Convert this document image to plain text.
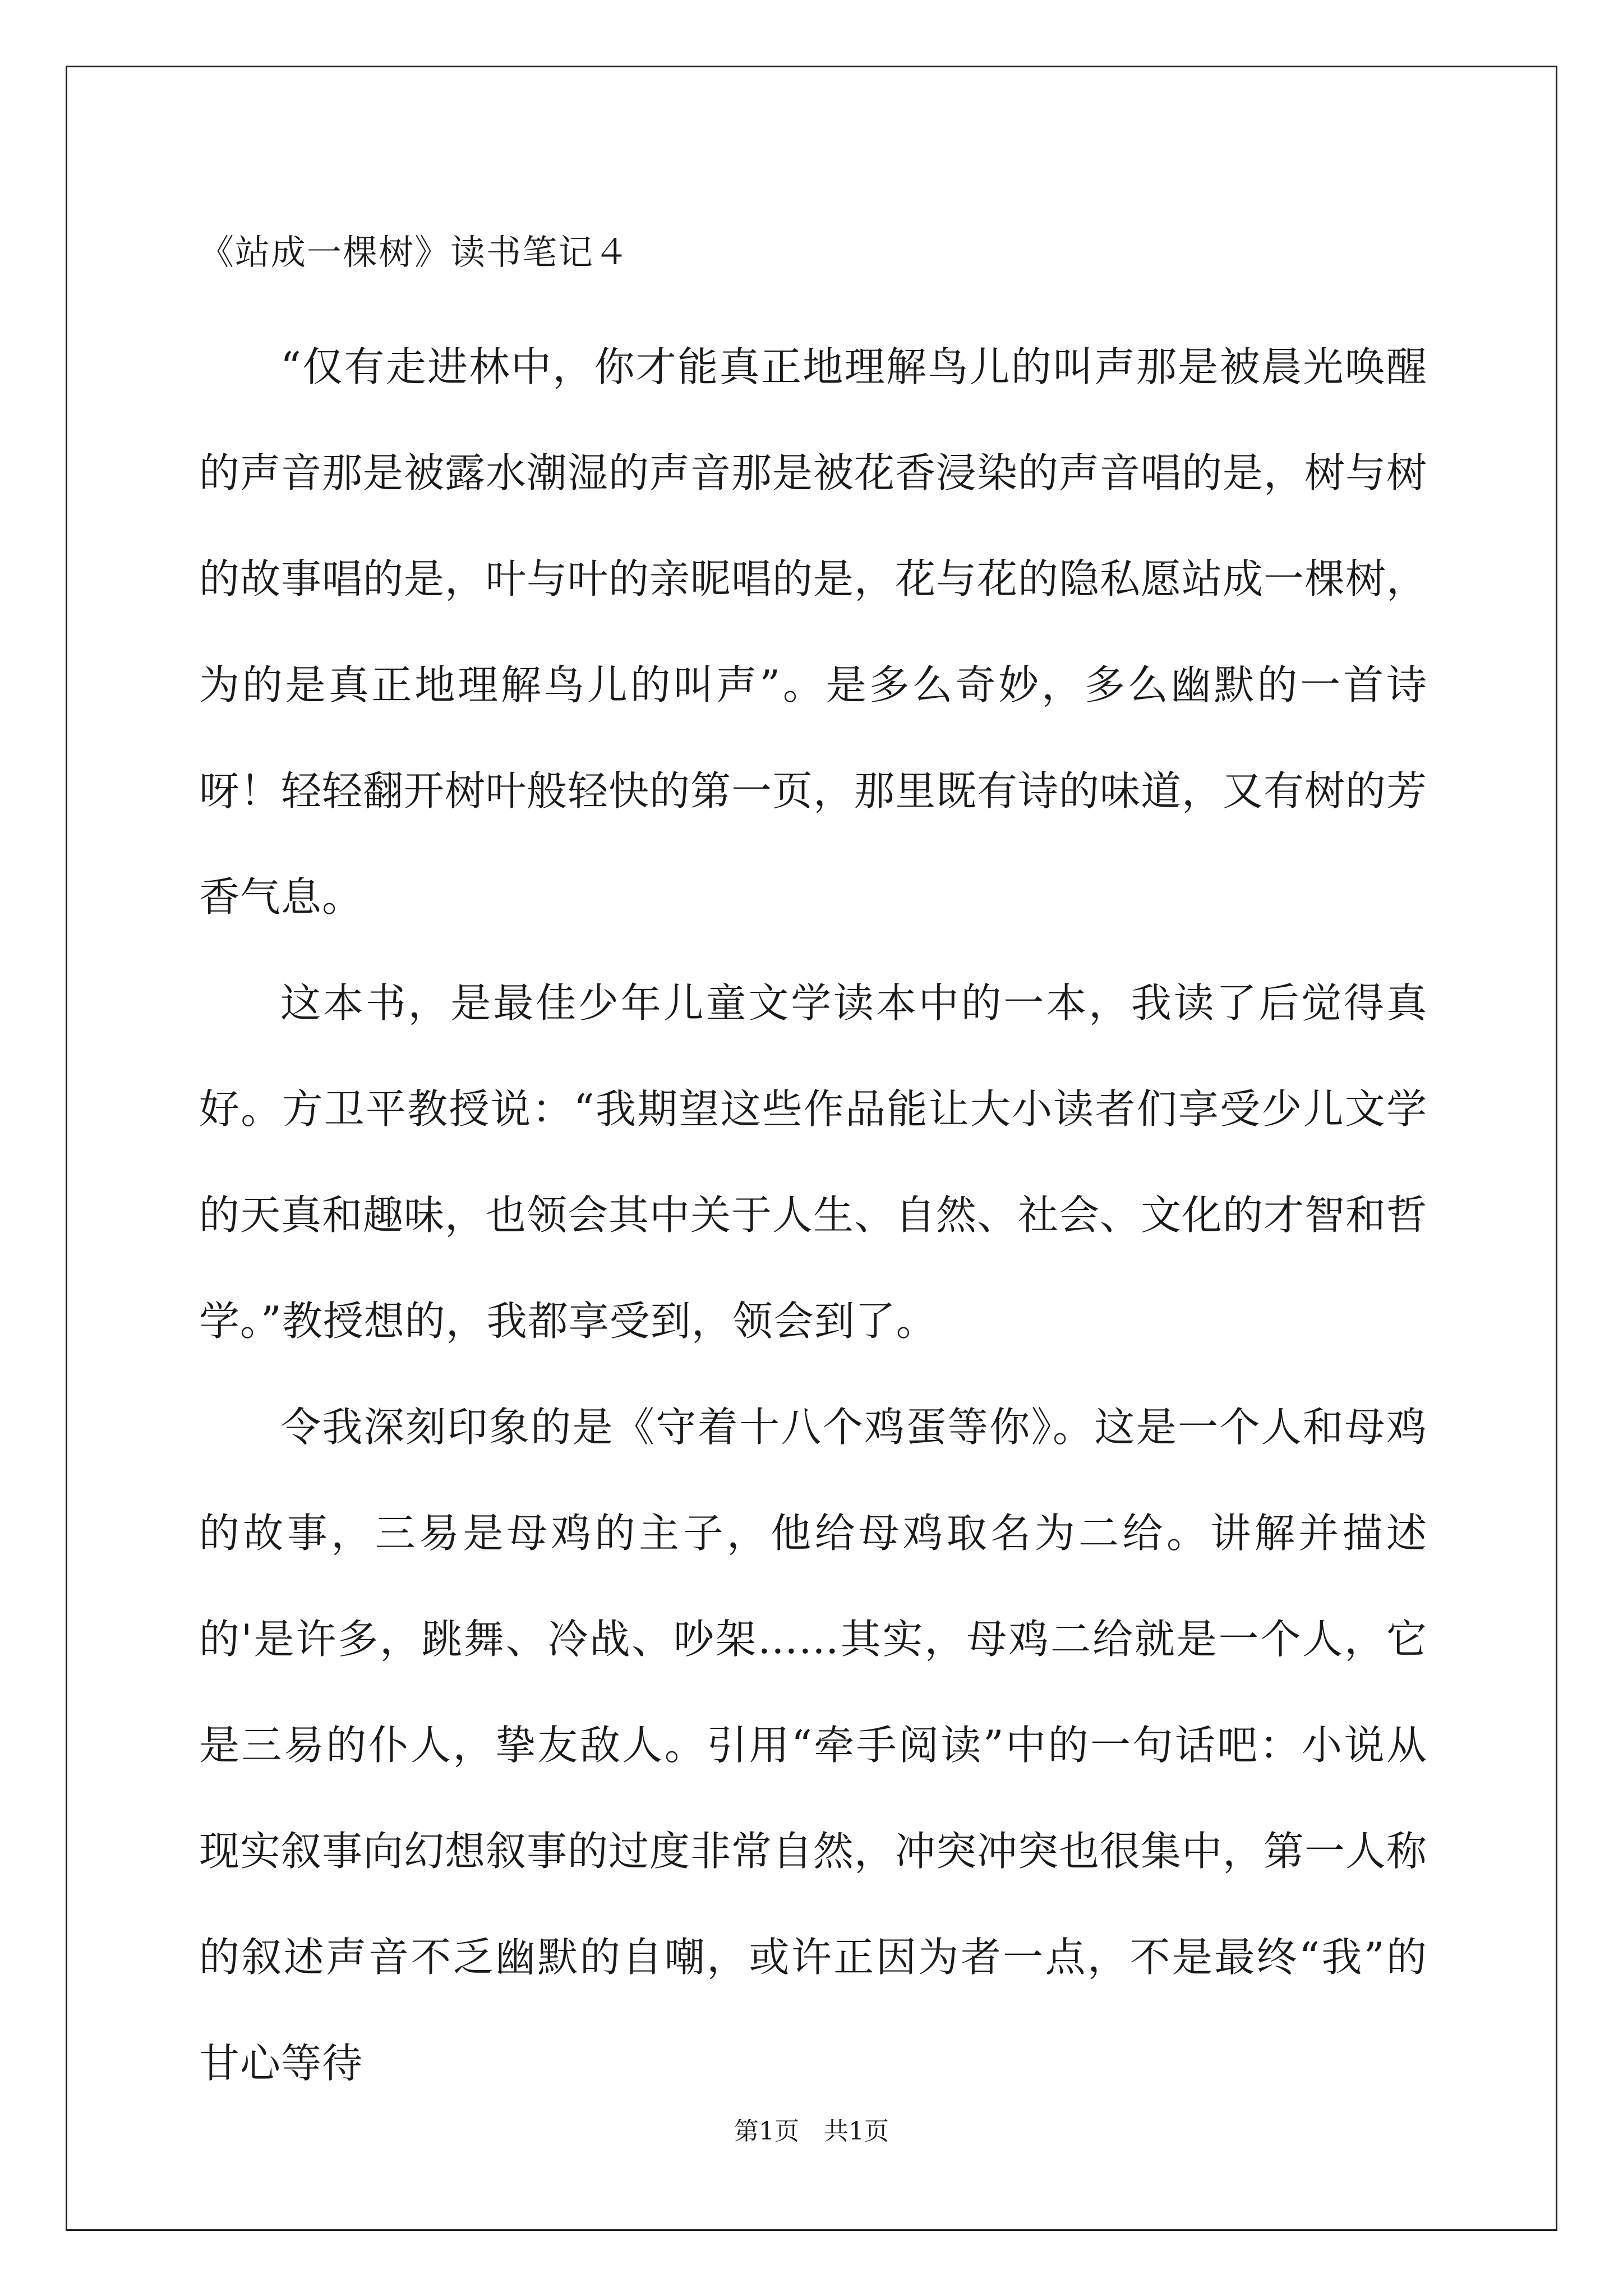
《站成一棵树》读书笔记４

“仅有走进林中，你才能真正地理解鸟儿的叫声那是被晨光唤醒的声音那是被露水潮湿的声音那是被花香浸染的声音唱的是，树与树的故事唱的是，叶与叶的亲昵唱的是，花与花的隐私愿站成一棵树，为的是真正地理解鸟儿的叫声”。是多么奇妙，多么幽默的一首诗呀！轻轻翻开树叶般轻快的第一页，那里既有诗的味道，又有树的芳香气息。

这本书，是最佳少年儿童文学读本中的一本，我读了后觉得真好。方卫平教授说：“我期望这些作品能让大小读者们享受少儿文学的天真和趣味，也领会其中关于人生、自然、社会、文化的才智和哲学。”教授想的，我都享受到，领会到了。

令我深刻印象的是《守着十八个鸡蛋等你》。这是一个人和母鸡的故事，三易是母鸡的主子，他给母鸡取名为二给。讲解并描述的'是许多，跳舞、冷战、吵架……其实，母鸡二给就是一个人，它是三易的仆人，挚友敌人。引用“牵手阅读”中的一句话吧：小说从现实叙事向幻想叙事的过度非常自然，冲突冲突也很集中，第一人称的叙述声音不乏幽默的自嘲，或许正因为者一点，不是最终“我”的甘心等待

第1页　共1页
